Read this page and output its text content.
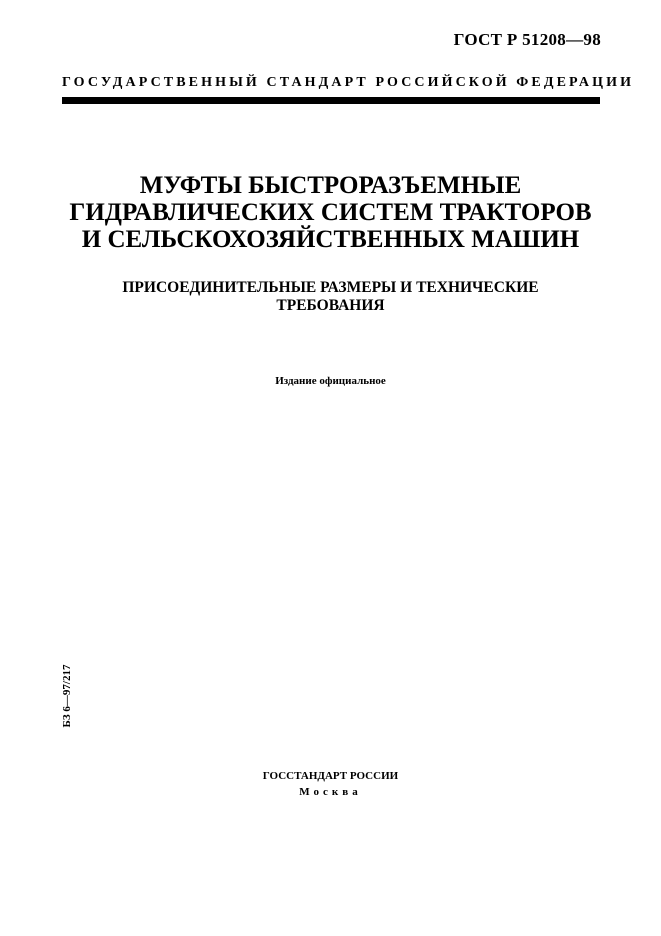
ГОСТ Р 51208—98
ГОСУДАРСТВЕННЫЙ СТАНДАРТ РОССИЙСКОЙ ФЕДЕРАЦИИ
МУФТЫ БЫСТРОРАЗЪЕМНЫЕ
ГИДРАВЛИЧЕСКИХ СИСТЕМ ТРАКТОРОВ
И СЕЛЬСКОХОЗЯЙСТВЕННЫХ МАШИН
ПРИСОЕДИНИТЕЛЬНЫЕ РАЗМЕРЫ И ТЕХНИЧЕСКИЕ
ТРЕБОВАНИЯ
Издание официальное
БЗ 6—97/217
ГОССТАНДАРТ РОССИИ
Москва
